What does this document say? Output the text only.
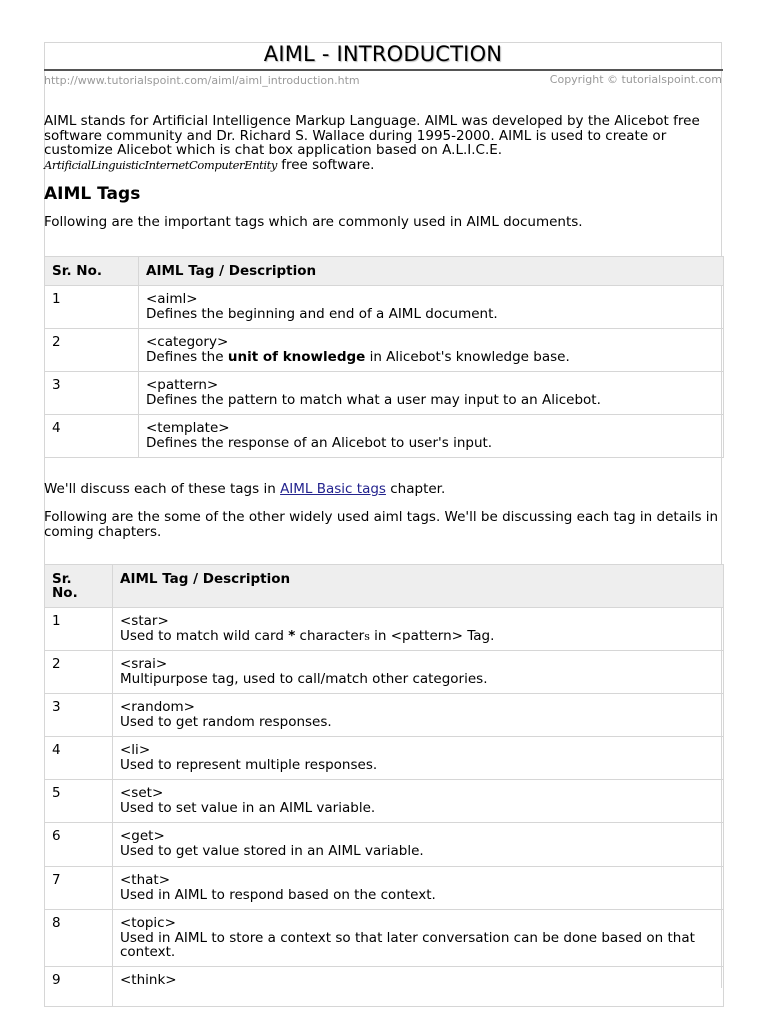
AIML - INTRODUCTION
http://www.tutorialspoint.com/aiml/aiml_introduction.htm	Copyright © tutorialspoint.com
AIML stands for Artificial Intelligence Markup Language. AIML was developed by the Alicebot free software community and Dr. Richard S. Wallace during 1995-2000. AIML is used to create or customize Alicebot which is chat box application based on A.L.I.C.E.
ArtificialLinguisticInternetComputerEntity free software.
AIML Tags
Following are the important tags which are commonly used in AIML documents.
Sr. No.	AIML Tag / Description
1	<aiml>
Defines the beginning and end of a AIML document.
2	<category>
Defines the unit of knowledge in Alicebot's knowledge base.
3	<pattern>
Defines the pattern to match what a user may input to an Alicebot.
4	<template>
Defines the response of an Alicebot to user's input.
We'll discuss each of these tags in AIML Basic tags chapter.
Following are the some of the other widely used aiml tags. We'll be discussing each tag in details in coming chapters.
Sr. No.	AIML Tag / Description
1	<star>
Used to match wild card * characters in <pattern> Tag.
2	<srai>
Multipurpose tag, used to call/match other categories.
3	<random>
Used to get random responses.
4	<li>
Used to represent multiple responses.
5	<set>
Used to set value in an AIML variable.
6	<get>
Used to get value stored in an AIML variable.
7	<that>
Used in AIML to respond based on the context.
8	<topic>
Used in AIML to store a context so that later conversation can be done based on that context.
9	<think>
